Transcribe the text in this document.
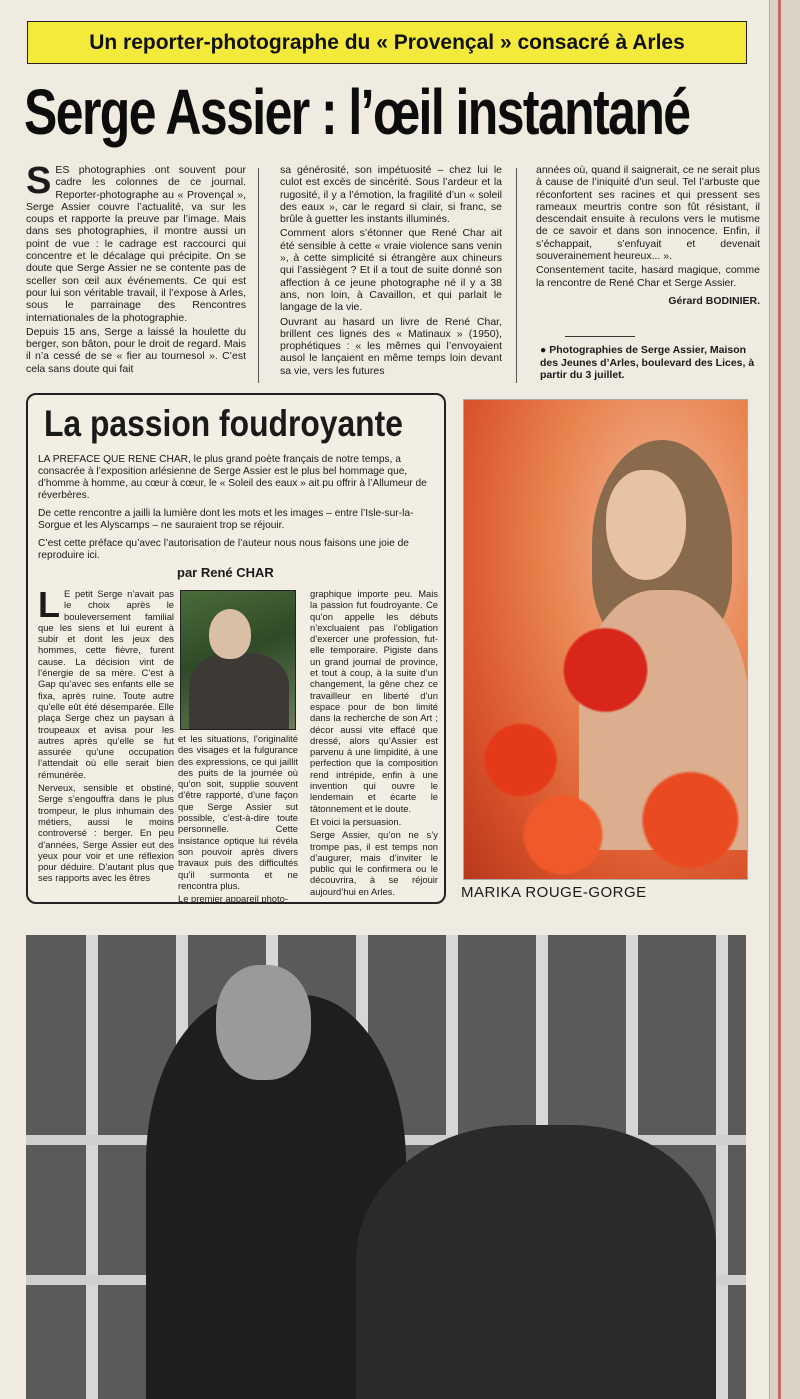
Un reporter-photographe du « Provençal » consacré à Arles
Serge Assier : l’œil instantané
S ES photographies ont souvent pour cadre les colonnes de ce journal. Reporter-photographe au « Provençal », Serge Assier couvre l’actualité, va sur les coups et rapporte la preuve par l’image. Mais dans ses photographies, il montre aussi un point de vue : le cadrage est raccourci qui concentre et le décalage qui précipite. On se doute que Serge Assier ne se contente pas de sceller son œil aux événements. Ce qui est pour lui son véritable travail, il l’expose à Arles, sous le parrainage des Rencontres internationales de la photographie.

Depuis 15 ans, Serge a laissé la houlette du berger, son bâton, pour le droit de regard. Mais il n’a cessé de se « fier au tournesol ». C’est cela sans doute qui fait

sa générosité, son impétuosité – chez lui le culot est excès de sincérité. Sous l’ardeur et la rugosité, il y a l’émotion, la fragilité d’un « soleil des eaux », car le regard si clair, si franc, se brûle à guetter les instants illuminés.

Comment alors s’étonner que René Char ait été sensible à cette « vraie violence sans venin », à cette simplicité si étrangère aux chineurs qui l’assiègent ? Et il a tout de suite donné son affection à ce jeune photographe né il y a 38 ans, non loin, à Cavaillon, et qui parlait le langage de la vie.

Ouvrant au hasard un livre de René Char, brillent ces lignes des « Matinaux » (1950), prophétiques : « les mêmes qui l’envoyaient ausol le lançaient en même temps loin devant sa vie, vers les futures

années où, quand il saignerait, ce ne serait plus à cause de l’iniquité d’un seul. Tel l’arbuste que réconfortent ses racines et qui pressent ses rameaux meurtris contre son fût résistant, il descendait ensuite à reculons vers le mutisme de ce savoir et dans son innocence. Enfin, il s’échappait, s’enfuyait et devenait souverainement heureux... ».

Consentement tacite, hasard magique, comme la rencontre de René Char et Serge Assier.

Gérard BODINIER.

● Photographies de Serge Assier, Maison des Jeunes d’Arles, boulevard des Lices, à partir du 3 juillet.
La passion foudroyante

LA PREFACE QUE RENE CHAR, le plus grand poète français de notre temps, a consacrée à l’exposition arlésienne de Serge Assier est le plus bel hommage que, d’homme à homme, au cœur à cœur, le « Soleil des eaux » ait pu offrir à l’Allumeur de réverbères.

De cette rencontre a jailli la lumière dont les mots et les images – entre l’Isle-sur-la-Sorgue et les Alyscamps – ne sauraient trop se réjouir.

C’est cette préface qu’avec l’autorisation de l’auteur nous nous faisons une joie de reproduire ici.

par René CHAR
L E petit Serge n’avait pas le choix après le bouleversement familial que les siens et lui eurent à subir et dont les jeux des hommes, cette fièvre, furent cause. La décision vint de l’énergie de sa mère. C’est à Gap qu’avec ses enfants elle se fixa, après ruine. Toute autre qu’elle eût été désemparée. Elle plaça Serge chez un paysan à troupeaux et avisa pour les autres après qu’elle se fut assurée qu’une occupation l’attendait où elle serait bien rémunérée.

Nerveux, sensible et obstiné, Serge s’engouffra dans le plus trompeur, le plus inhumain des métiers, aussi le moins controversé : berger. En peu d’années, Serge Assier eut des yeux pour voir et une réflexion pour déduire. D’autant plus que ses rapports avec les êtres

et les situations, l’originalité des visages et la fulgurance des expressions, ce qui jaillit des puits de la journée où qu’on soit, supplie souvent d’être rapporté, d’une façon que Serge Assier sut possible, c’est-à-dire toute personnelle. Cette insistance optique lui révéla son pouvoir après divers travaux puis des difficultés qu’il surmonta et ne rencontra plus.

Le premier appareil photo-

graphique importe peu. Mais la passion fut foudroyante. Ce qu’on appelle les débuts n’excluaient pas l’obligation d’exercer une profession, fut-elle temporaire. Pigiste dans un grand journal de province, et tout à coup, à la suite d’un changement, la gêne chez ce travailleur en liberté d’un espace pour de bon limité dans la recherche de son Art ; décor aussi vite effacé que dressé, alors qu’Assier est parvenu à une limpidité, à une perfection que la composition rend intrépide, enfin à une invention qui ouvre le lendemain et écarte le tâtonnement et le doute.

Et voici la persuasion.

Serge Assier, qu’on ne s’y trompe pas, il est temps non d’augurer, mais d’inviter le public qui le confirmera ou le découvrira, à se réjouir aujourd’hui en Arles.	MARIKA ROUGE-GORGE
